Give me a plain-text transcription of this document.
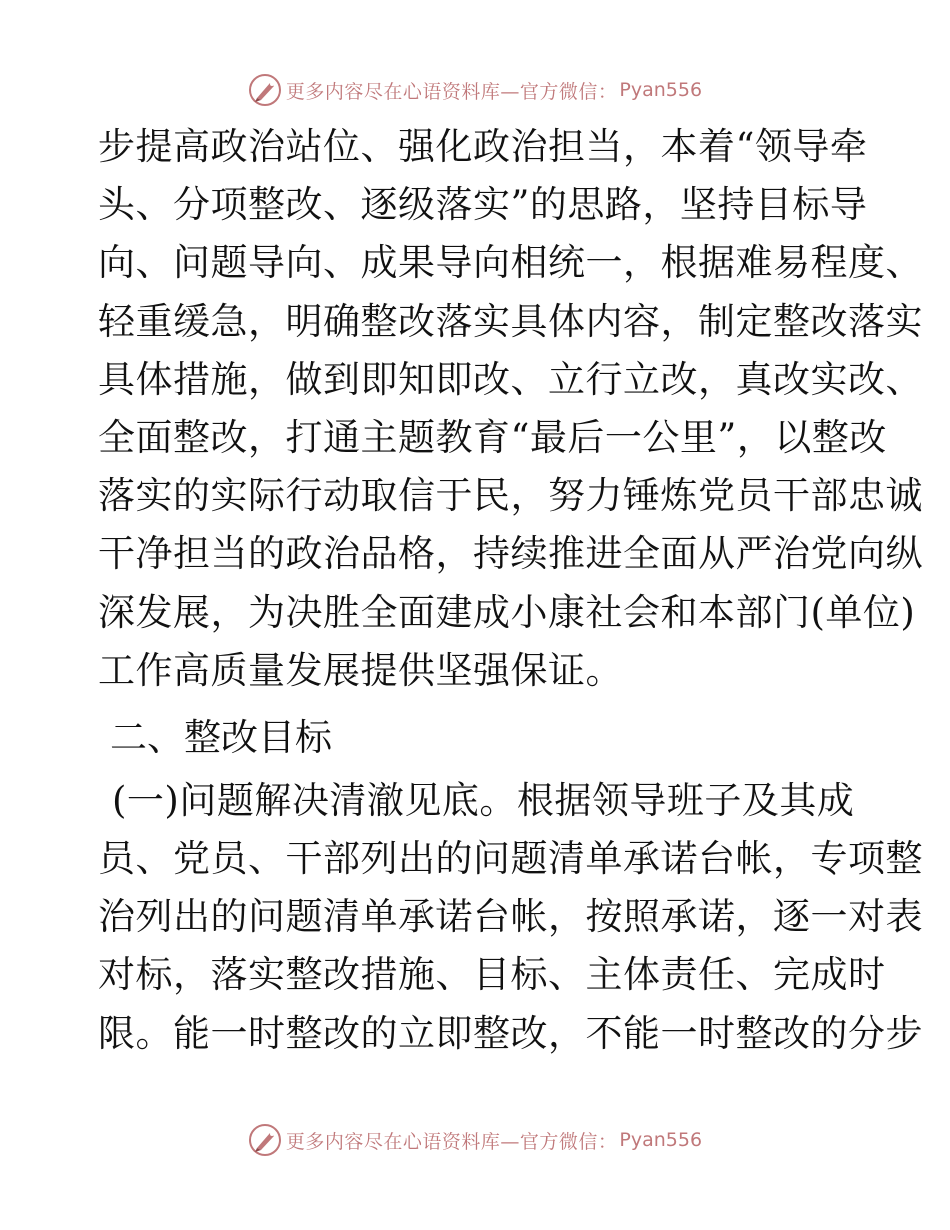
更多内容尽在心语资料库—官方微信： Pyan556
步提高政治站位、强化政治担当，本着“领导牵
头、分项整改、逐级落实”的思路，坚持目标导
向、问题导向、成果导向相统一，根据难易程度、
轻重缓急，明确整改落实具体内容，制定整改落实
具体措施，做到即知即改、立行立改，真改实改、
全面整改，打通主题教育“最后一公里”，以整改
落实的实际行动取信于民，努力锤炼党员干部忠诚
干净担当的政治品格，持续推进全面从严治党向纵
深发展，为决胜全面建成小康社会和本部门(单位)
工作高质量发展提供坚强保证。
二、整改目标
(一)问题解决清澈见底。根据领导班子及其成
员、党员、干部列出的问题清单承诺台帐，专项整
治列出的问题清单承诺台帐，按照承诺，逐一对表
对标，落实整改措施、目标、主体责任、完成时
限。能一时整改的立即整改，不能一时整改的分步
更多内容尽在心语资料库—官方微信： Pyan556
